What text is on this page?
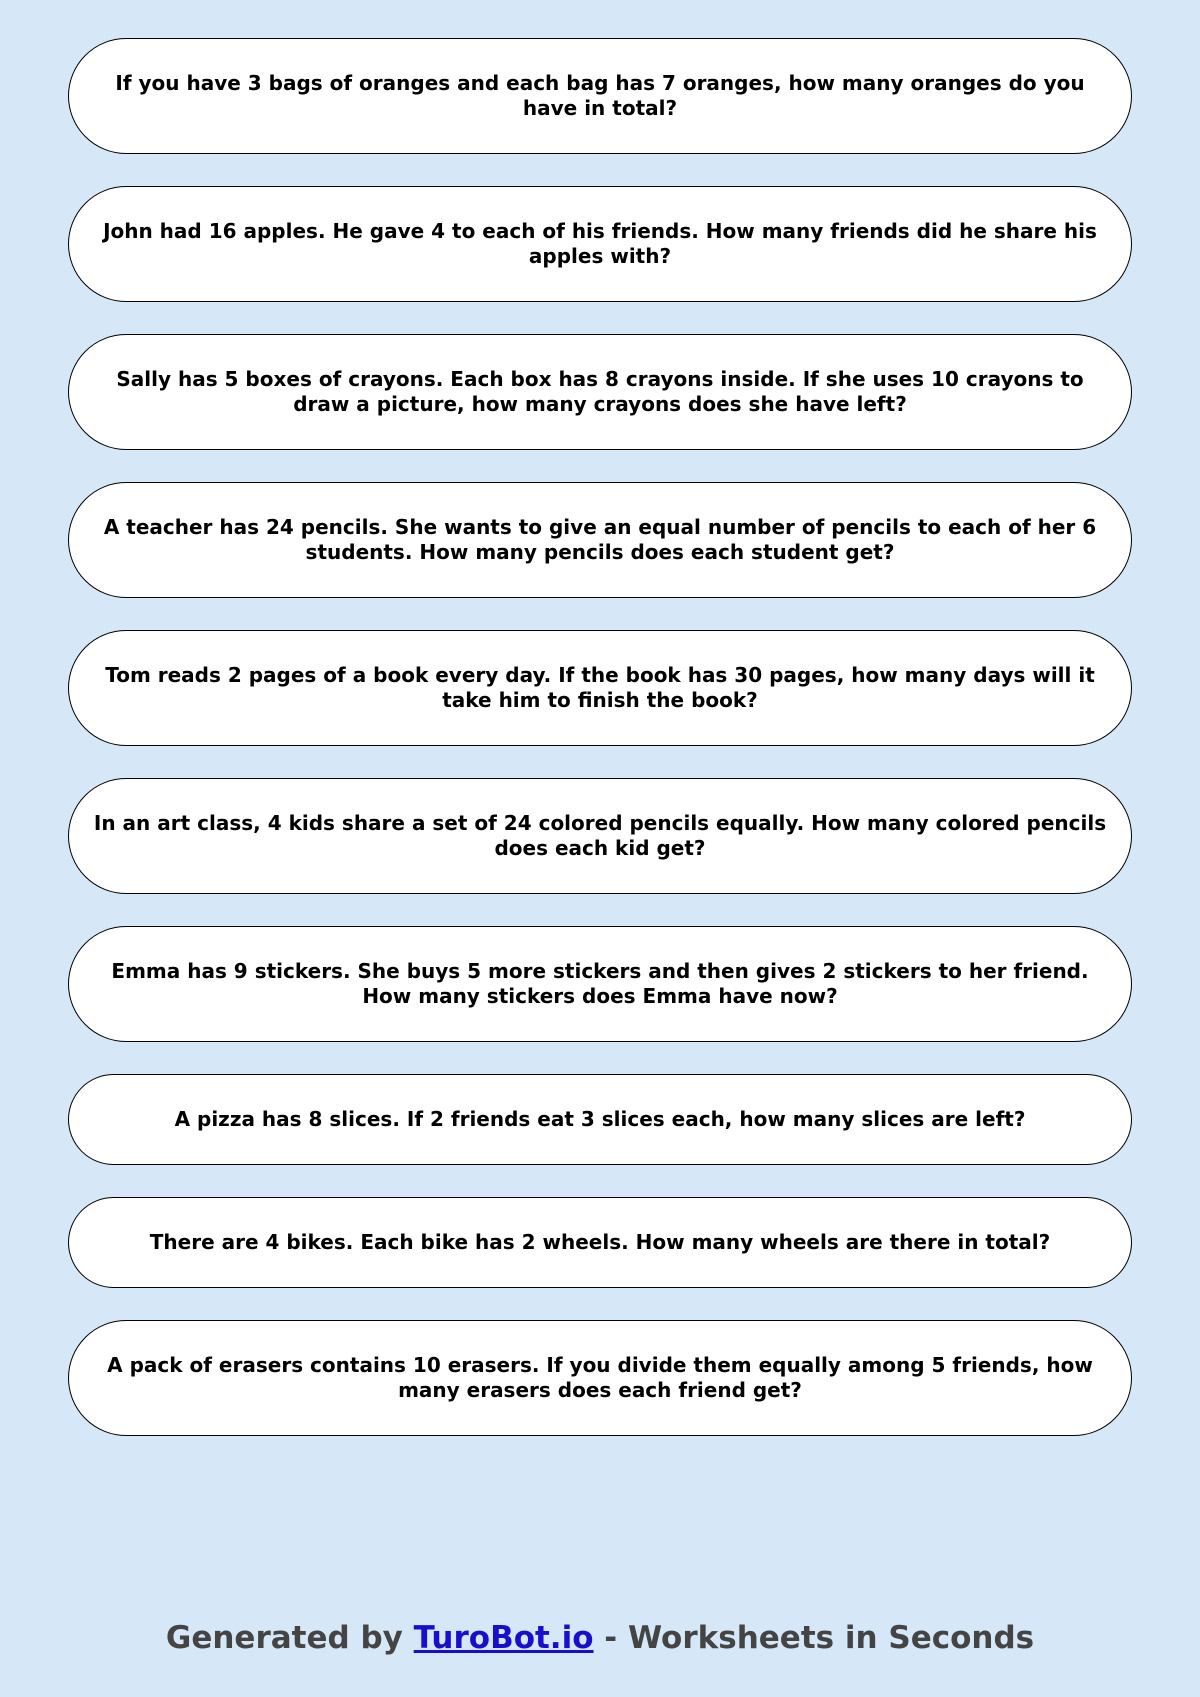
If you have 3 bags of oranges and each bag has 7 oranges, how many oranges do you have in total?
John had 16 apples. He gave 4 to each of his friends. How many friends did he share his apples with?
Sally has 5 boxes of crayons. Each box has 8 crayons inside. If she uses 10 crayons to draw a picture, how many crayons does she have left?
A teacher has 24 pencils. She wants to give an equal number of pencils to each of her 6 students. How many pencils does each student get?
Tom reads 2 pages of a book every day. If the book has 30 pages, how many days will it take him to finish the book?
In an art class, 4 kids share a set of 24 colored pencils equally. How many colored pencils does each kid get?
Emma has 9 stickers. She buys 5 more stickers and then gives 2 stickers to her friend. How many stickers does Emma have now?
A pizza has 8 slices. If 2 friends eat 3 slices each, how many slices are left?
There are 4 bikes. Each bike has 2 wheels. How many wheels are there in total?
A pack of erasers contains 10 erasers. If you divide them equally among 5 friends, how many erasers does each friend get?
Generated by TuroBot.io - Worksheets in Seconds
